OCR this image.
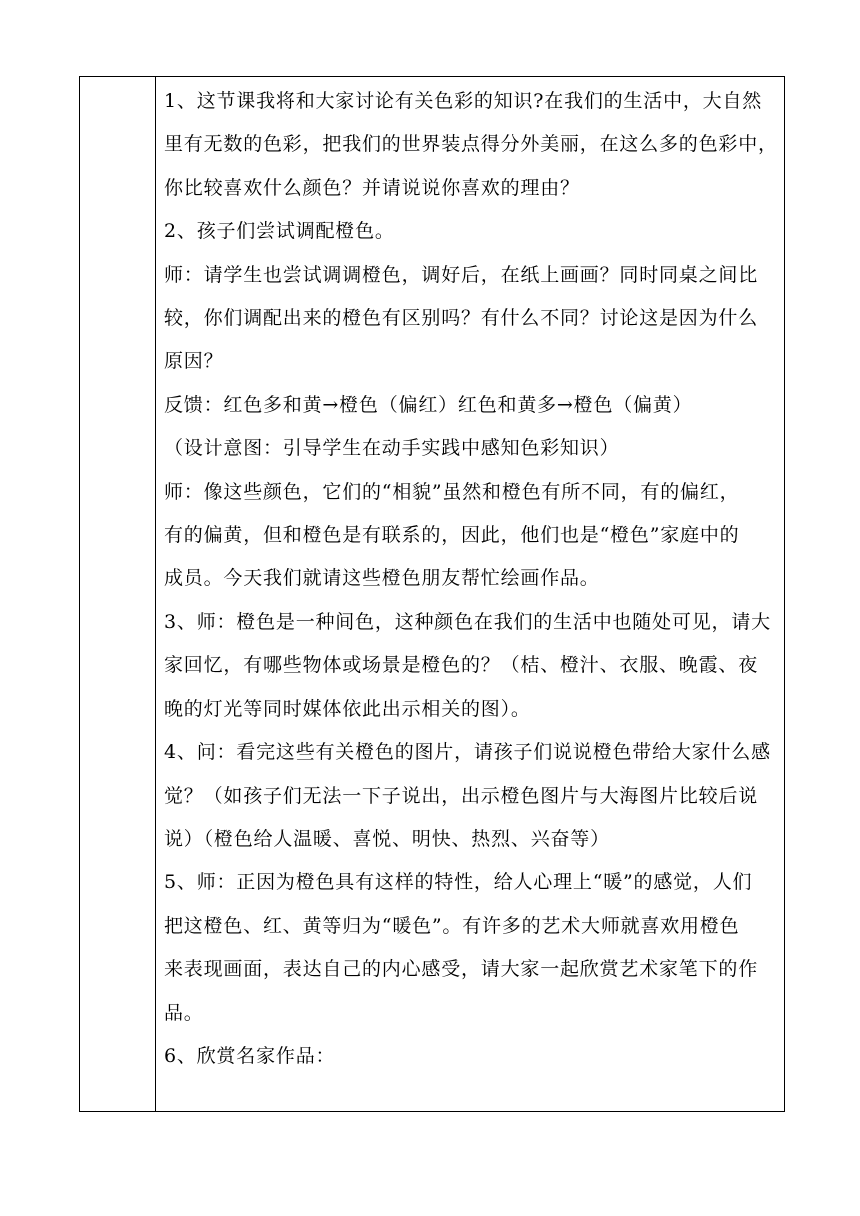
1、这节课我将和大家讨论有关色彩的知识?在我们的生活中，大自然
里有无数的色彩，把我们的世界装点得分外美丽，在这么多的色彩中，
你比较喜欢什么颜色？并请说说你喜欢的理由？

2、孩子们尝试调配橙色。

师：请学生也尝试调调橙色，调好后，在纸上画画？同时同桌之间比
较，你们调配出来的橙色有区别吗？有什么不同？讨论这是因为什么
原因？

反馈：红色多和黄→橙色（偏红）红色和黄多→橙色（偏黄）

（设计意图：引导学生在动手实践中感知色彩知识）

师：像这些颜色，它们的“相貌”虽然和橙色有所不同，有的偏红，
有的偏黄，但和橙色是有联系的，因此，他们也是“橙色”家庭中的
成员。今天我们就请这些橙色朋友帮忙绘画作品。

3、师：橙色是一种间色，这种颜色在我们的生活中也随处可见，请大
家回忆，有哪些物体或场景是橙色的？（桔、橙汁、衣服、晚霞、夜
晚的灯光等同时媒体依此出示相关的图）。

4、问：看完这些有关橙色的图片，请孩子们说说橙色带给大家什么感
觉？（如孩子们无法一下子说出，出示橙色图片与大海图片比较后说
说）（橙色给人温暖、喜悦、明快、热烈、兴奋等）

5、师：正因为橙色具有这样的特性，给人心理上“暖”的感觉，人们
把这橙色、红、黄等归为“暖色”。有许多的艺术大师就喜欢用橙色
来表现画面，表达自己的内心感受，请大家一起欣赏艺术家笔下的作
品。

6、欣赏名家作品：
